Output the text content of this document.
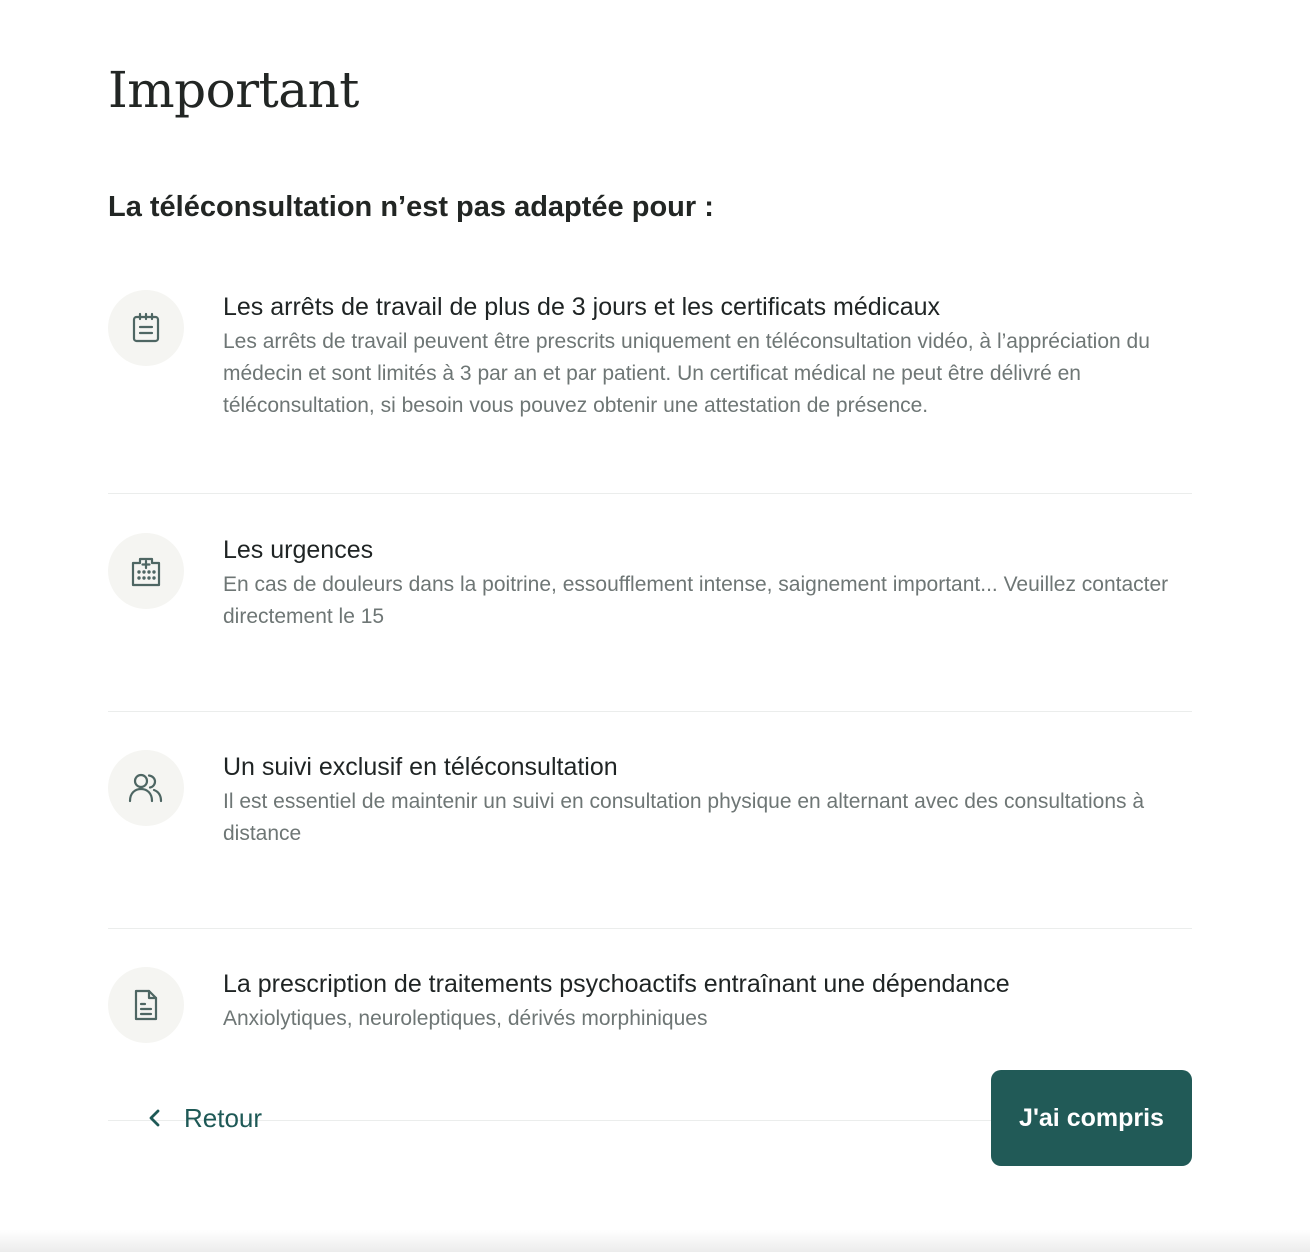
Important
La téléconsultation n’est pas adaptée pour :

Les arrêts de travail de plus de 3 jours et les certificats médicaux

Les arrêts de travail peuvent être prescrits uniquement en téléconsultation vidéo, à l’appréciation du médecin et sont limités à 3 par an et par patient. Un certificat médical ne peut être délivré en téléconsultation, si besoin vous pouvez obtenir une attestation de présence.

Les urgences

En cas de douleurs dans la poitrine, essoufflement intense, saignement important... Veuillez contacter directement le 15

Un suivi exclusif en téléconsultation

Il est essentiel de maintenir un suivi en consultation physique en alternant avec des consultations à distance

La prescription de traitements psychoactifs entraînant une dépendance

Anxiolytiques, neuroleptiques, dérivés morphiniques

Retour	J'ai compris
